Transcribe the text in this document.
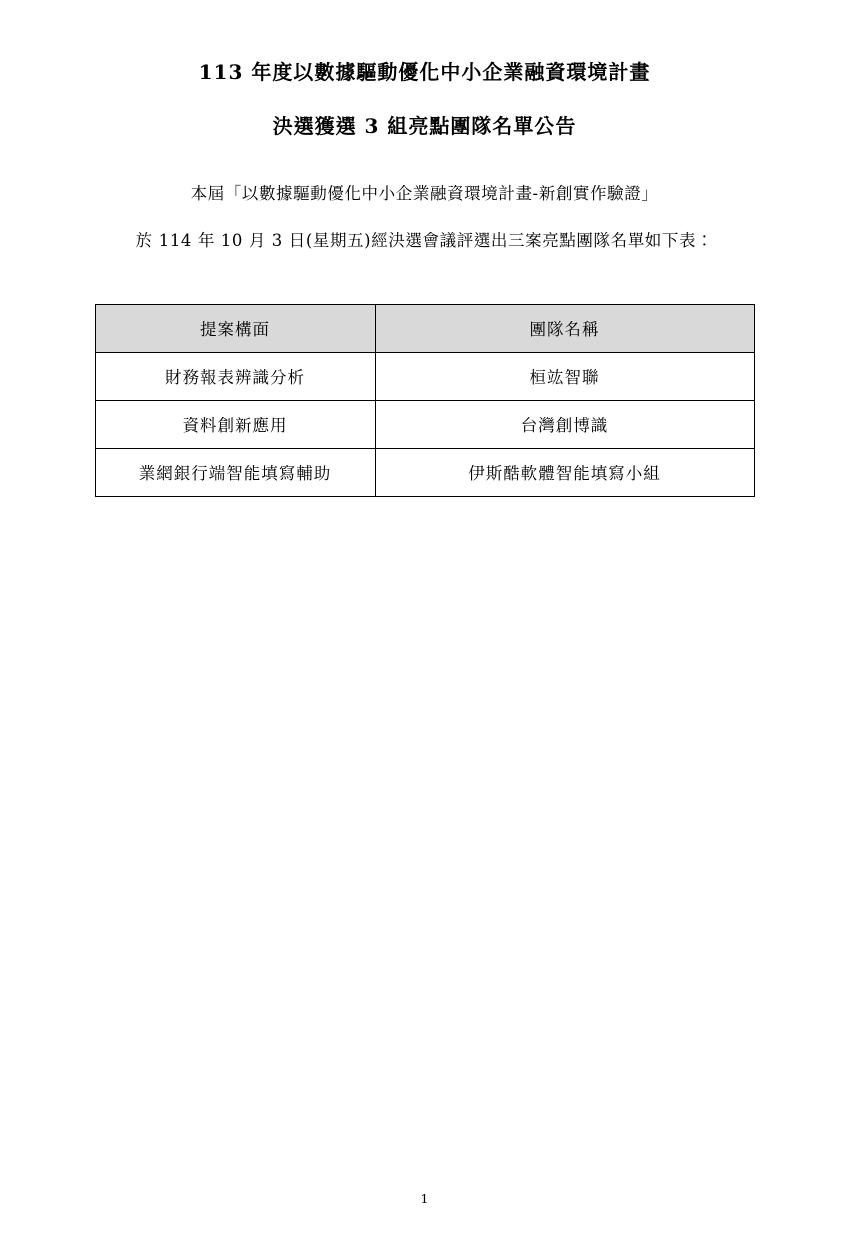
113 年度以數據驅動優化中小企業融資環境計畫
決選獲選 3 組亮點團隊名單公告
本屆「以數據驅動優化中小企業融資環境計畫-新創實作驗證」
於 114 年 10 月 3 日(星期五)經決選會議評選出三案亮點團隊名單如下表：
提案構面	團隊名稱
財務報表辨識分析	桓竑智聯
資料創新應用	台灣創博識
業網銀行端智能填寫輔助	伊斯酷軟體智能填寫小組
1
